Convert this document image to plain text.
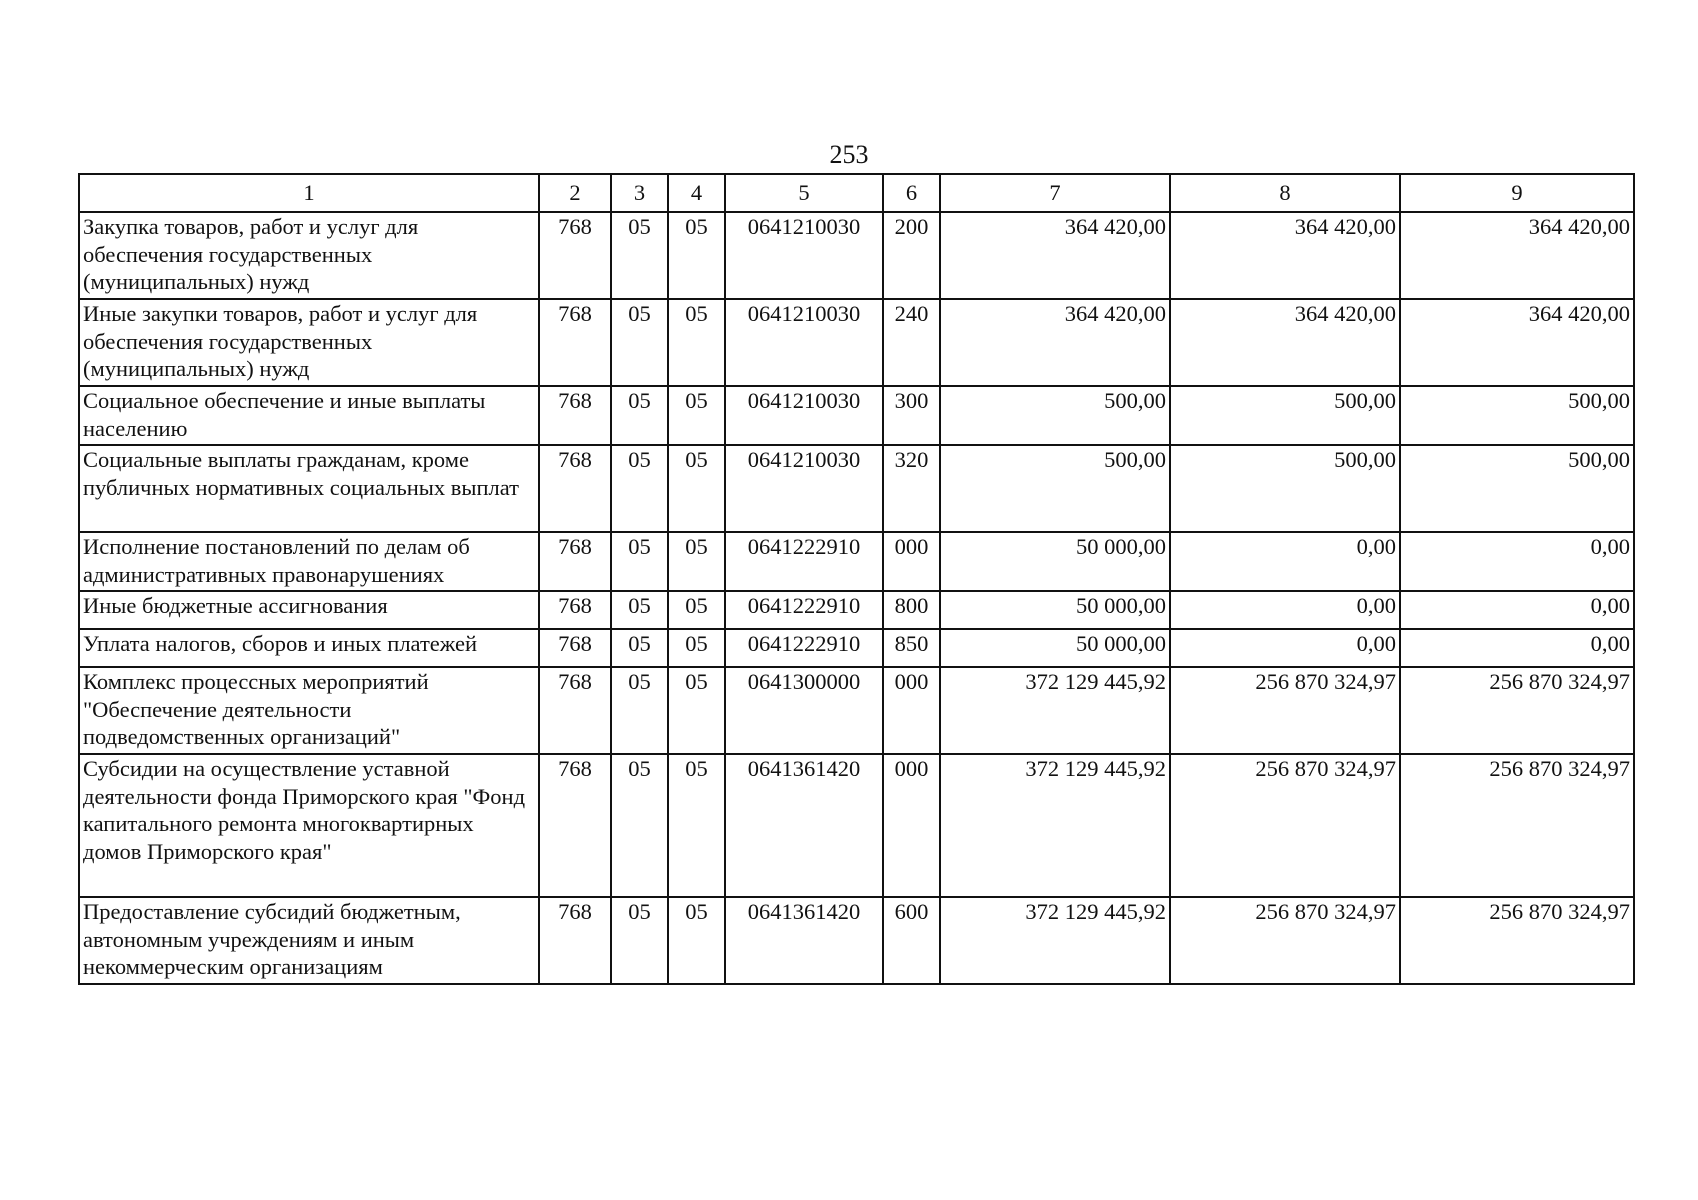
253
1	2	3	4	5	6	7	8	9
Закупка товаров, работ и услуг для обеспечения государственных (муниципальных) нужд	768	05	05	0641210030	200	364 420,00	364 420,00	364 420,00
Иные закупки товаров, работ и услуг для обеспечения государственных (муниципальных) нужд	768	05	05	0641210030	240	364 420,00	364 420,00	364 420,00
Социальное обеспечение и иные выплаты населению	768	05	05	0641210030	300	500,00	500,00	500,00
Социальные выплаты гражданам, кроме публичных нормативных социальных выплат	768	05	05	0641210030	320	500,00	500,00	500,00
Исполнение постановлений по делам об административных правонарушениях	768	05	05	0641222910	000	50 000,00	0,00	0,00
Иные бюджетные ассигнования	768	05	05	0641222910	800	50 000,00	0,00	0,00
Уплата налогов, сборов и иных платежей	768	05	05	0641222910	850	50 000,00	0,00	0,00
Комплекс процессных мероприятий "Обеспечение деятельности подведомственных организаций"	768	05	05	0641300000	000	372 129 445,92	256 870 324,97	256 870 324,97
Субсидии на осуществление уставной деятельности фонда Приморского края "Фонд капитального ремонта многоквартирных домов Приморского края"	768	05	05	0641361420	000	372 129 445,92	256 870 324,97	256 870 324,97
Предоставление субсидий бюджетным, автономным учреждениям и иным некоммерческим организациям	768	05	05	0641361420	600	372 129 445,92	256 870 324,97	256 870 324,97
